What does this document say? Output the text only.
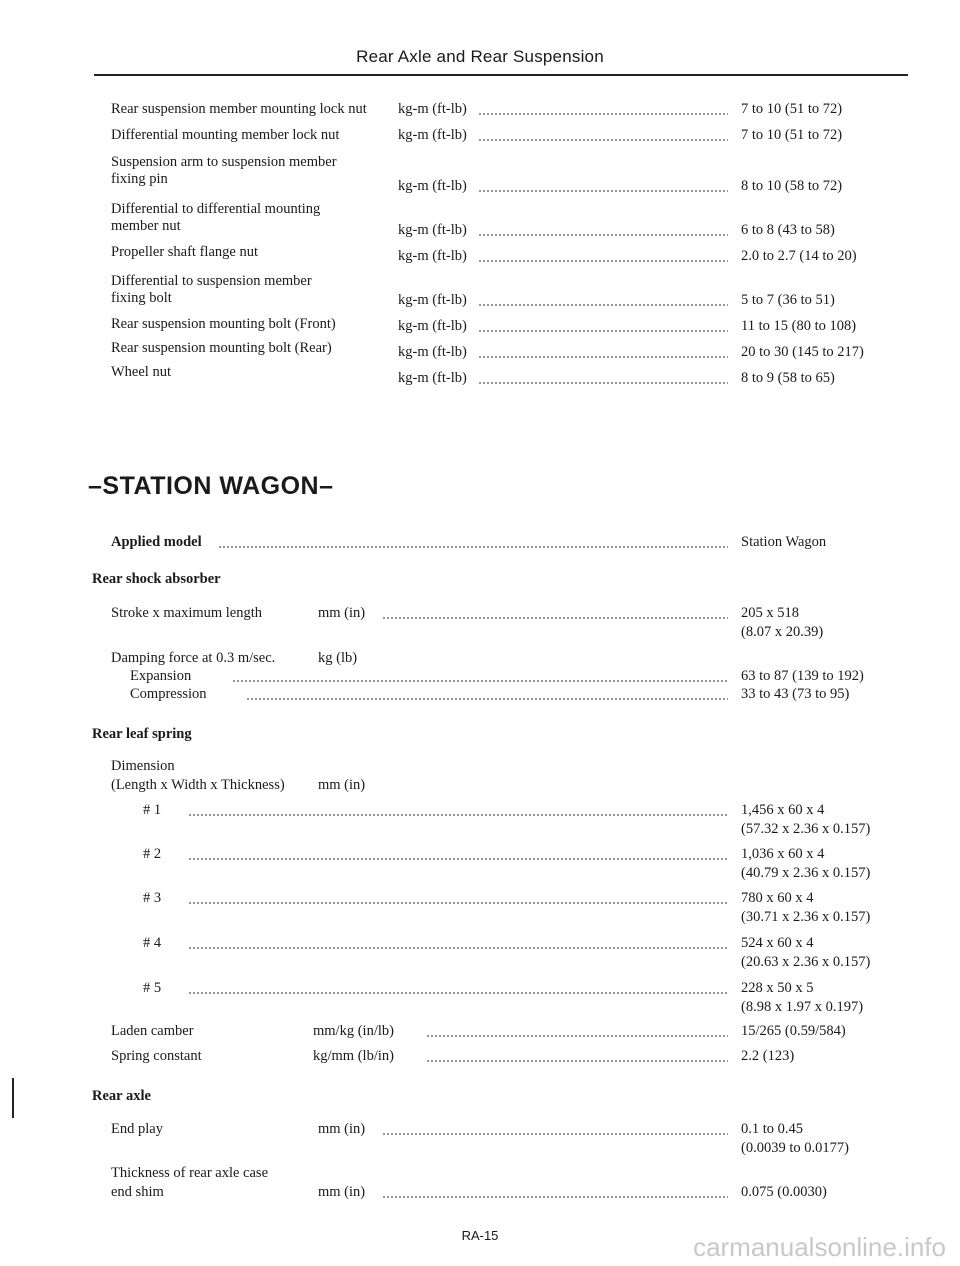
Rear Axle and Rear Suspension
Rear suspension member mounting lock nut kg-m (ft-lb)	7 to 10 (51 to 72)
Differential mounting member lock nut	kg-m (ft-lb)	7 to 10 (51 to 72)
Suspension arm to suspension member
fixing pin	kg-m (ft-lb)	8 to 10 (58 to 72)
Differential to differential mounting
member nut	kg-m (ft-lb)	6 to 8 (43 to 58)
Propeller shaft flange nut	kg-m (ft-lb)	2.0 to 2.7 (14 to 20)
Differential to suspension member
fixing bolt	kg-m (ft-lb)	5 to 7 (36 to 51)
Rear suspension mounting bolt (Front)	kg-m (ft-lb)	11 to 15 (80 to 108)
Rear suspension mounting bolt (Rear)	kg-m (ft-lb)	20 to 30 (145 to 217)
Wheel nut	kg-m (ft-lb)	8 to 9 (58 to 65)
–STATION WAGON–
Applied model	Station Wagon
Rear shock absorber
Stroke x maximum length	mm (in)	205 x 518
(8.07 x 20.39)
Damping force at 0.3 m/sec.	kg (lb)
Expansion	63 to 87 (139 to 192)
Compression	33 to 43 (73 to 95)
Rear leaf spring
Dimension
(Length x Width x Thickness) mm (in)
# 1	1,456 x 60 x 4
(57.32 x 2.36 x 0.157)
# 2	1,036 x 60 x 4
(40.79 x 2.36 x 0.157)
# 3	780 x 60 x 4
(30.71 x 2.36 x 0.157)
# 4	524 x 60 x 4
(20.63 x 2.36 x 0.157)
# 5	228 x 50 x 5
(8.98 x 1.97 x 0.197)
Laden camber	mm/kg (in/lb)	15/265 (0.59/584)
Spring constant	kg/mm (lb/in)	2.2 (123)
Rear axle
End play	mm (in)	0.1 to 0.45
(0.0039 to 0.0177)
Thickness of rear axle case
end shim	mm (in)	0.075 (0.0030)
RA-15	carmanualsonline.info
